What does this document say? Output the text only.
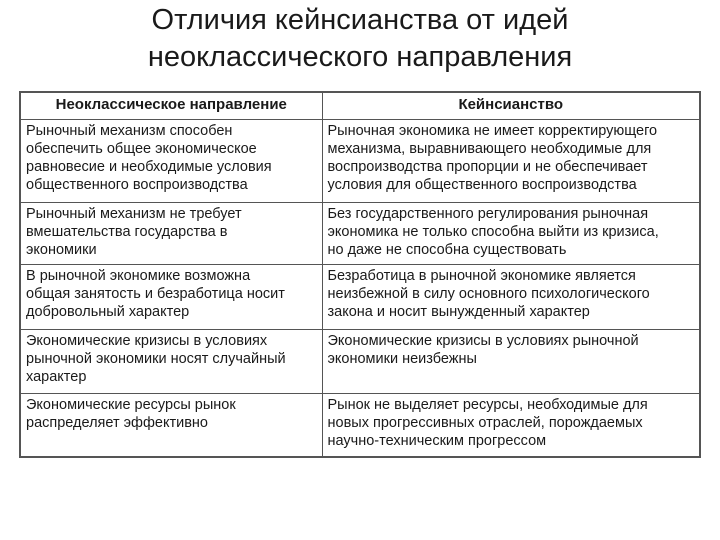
Отличия кейнсианства от идей
неоклассического направления
Неоклассическое направление	Кейнсианство

Рыночный механизм способен
обеспечить общее экономическое
равновесие и необходимые условия
общественного воспроизводства	Рыночная экономика не имеет корректирующего
механизма, выравнивающего необходимые для
воспроизводства пропорции и не обеспечивает
условия для общественного воспроизводства

Рыночный механизм не требует
вмешательства государства в
экономики	Без государственного регулирования рыночная
экономика не только способна выйти из кризиса,
но даже не способна существовать

В рыночной экономике возможна
общая занятость и безработица носит
добровольный характер	Безработица в рыночной экономике является
неизбежной в силу основного психологического
закона и носит вынужденный характер

Экономические кризисы в условиях
рыночной экономики носят случайный
характер	Экономические кризисы в условиях рыночной
экономики неизбежны

Экономические ресурсы рынок
распределяет эффективно	Рынок не выделяет ресурсы, необходимые для
новых прогрессивных отраслей, порождаемых
научно-техническим прогрессом
